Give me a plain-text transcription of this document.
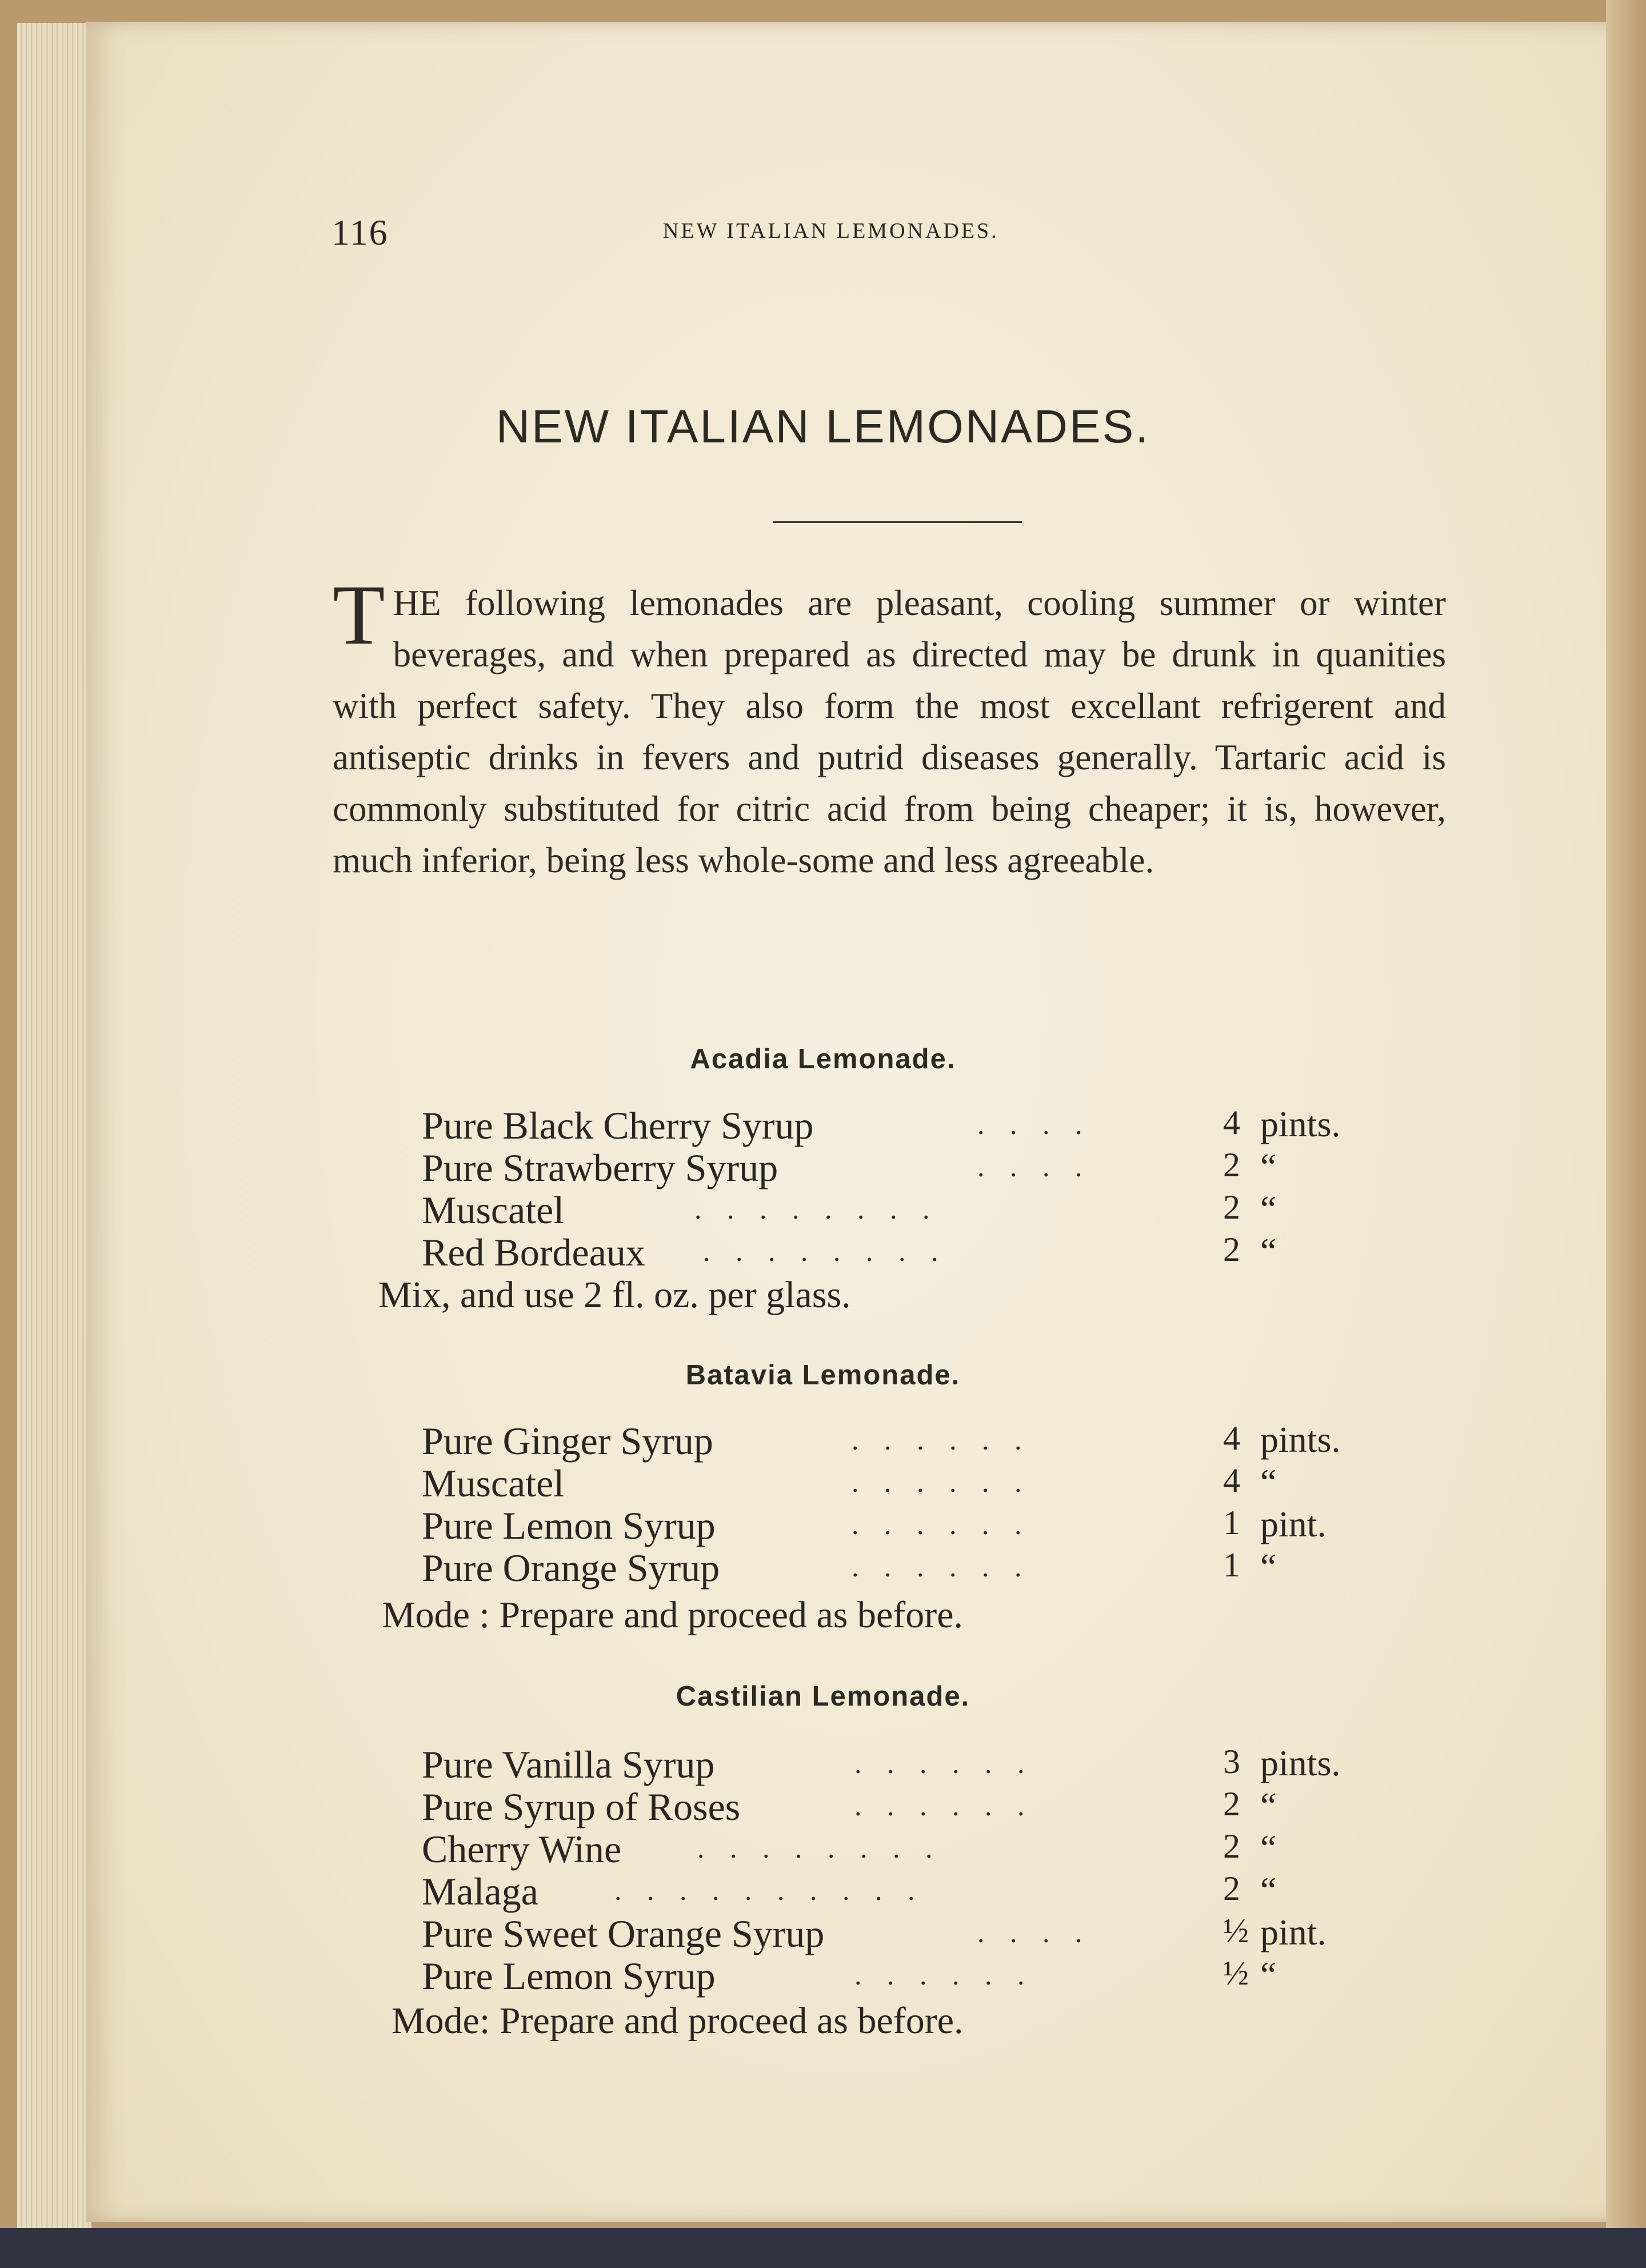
116	NEW ITALIAN LEMONADES.
NEW ITALIAN LEMONADES.
THE following lemonades are pleasant, cooling summer or winter beverages, and when prepared as directed may be drunk in quanities with perfect safety. They also form the most excellant refrigerent and antiseptic drinks in fevers and putrid diseases generally. Tartaric acid is commonly substituted for citric acid from being cheaper; it is, however, much inferior, being less whole-some and less agreeable.
Acadia Lemonade.
Pure Black Cherry Syrup	. . . .	4 pints.
Pure Strawberry Syrup	. . . .	2 “
Muscatel	. . . . . . . .	2 “
Red Bordeaux . . . . . . . .	2 “
Mix, and use 2 fl. oz. per glass.
Batavia Lemonade.
Pure Ginger Syrup	. . . . . .	4 pints.
Muscatel	. . . . . .	4 “
Pure Lemon Syrup	. . . . . .	1 pint.
Pure Orange Syrup	. . . . . .	1 “
Mode : Prepare and proceed as before.
Castilian Lemonade.
Pure Vanilla Syrup	. . . . . .	3 pints.
Pure Syrup of Roses	. . . . . .	2 “
Cherry Wine	. . . . . . . .	2 “
Malaga	. . . . . . . . . .	2 “
Pure Sweet Orange Syrup	. . . .	½ pint.
Pure Lemon Syrup	. . . . . .	½ “
Mode: Prepare and proceed as before.
